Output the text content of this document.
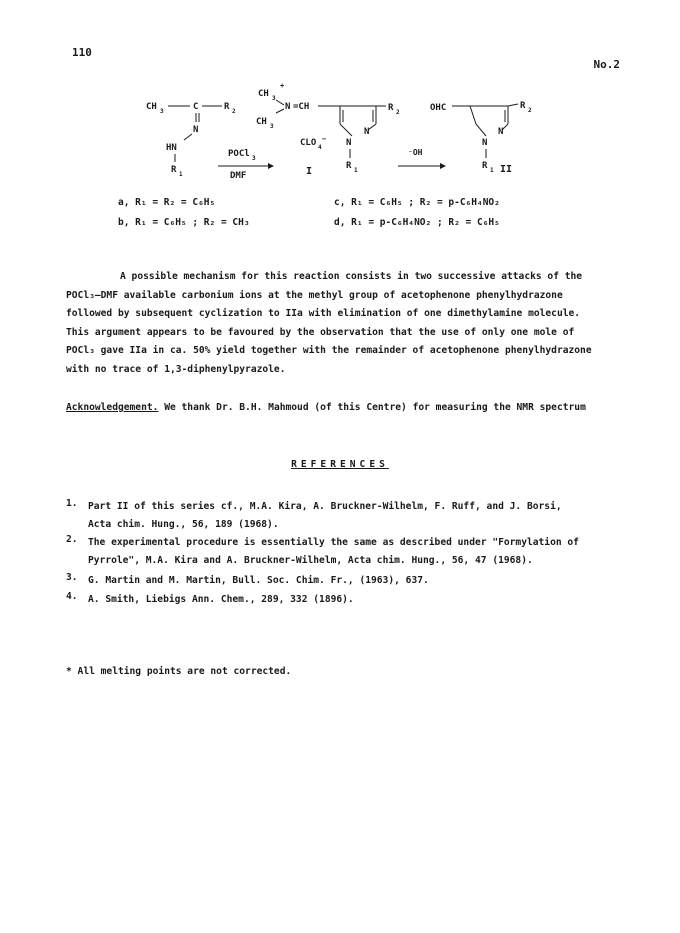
110
No.2
CH 3	C	R 2
N
HN
R 1
POCl 3
DMF
CH 3
+
N =CH
CH 3
N
N
R 2
R 1
CLO 4
−
I
⁻OH
OHC
N
N
R 2
R 1 II
a, R₁ = R₂ = C₆H₅
b, R₁ = C₆H₅ ; R₂ = CH₃
c, R₁ = C₆H₅ ; R₂ = p-C₆H₄NO₂
d, R₁ = p-C₆H₄NO₂ ; R₂ = C₆H₅

A possible mechanism for this reaction consists in two successive attacks of the

POCl₃–DMF available carbonium ions at the methyl group of acetophenone phenylhydrazone

followed by subsequent cyclization to IIa with elimination of one dimethylamine molecule.

This argument appears to be favoured by the observation that the use of only one mole of

POCl₃ gave IIa in ca. 50% yield together with the remainder of acetophenone phenylhydrazone

with no trace of 1,3-diphenylpyrazole.

Acknowledgement. We thank Dr. B.H. Mahmoud (of this Centre) for measuring the NMR spectrum

REFERENCES
1. Part II of this series cf., M.A. Kira, A. Bruckner-Wilhelm, F. Ruff, and J. Borsi,
Acta chim. Hung., 56, 189 (1968).
2. The experimental procedure is essentially the same as described under "Formylation of
Pyrrole", M.A. Kira and A. Bruckner-Wilhelm, Acta chim. Hung., 56, 47 (1968).
3. G. Martin and M. Martin, Bull. Soc. Chim. Fr., (1963), 637.
4. A. Smith, Liebigs Ann. Chem., 289, 332 (1896).
* All melting points are not corrected.
